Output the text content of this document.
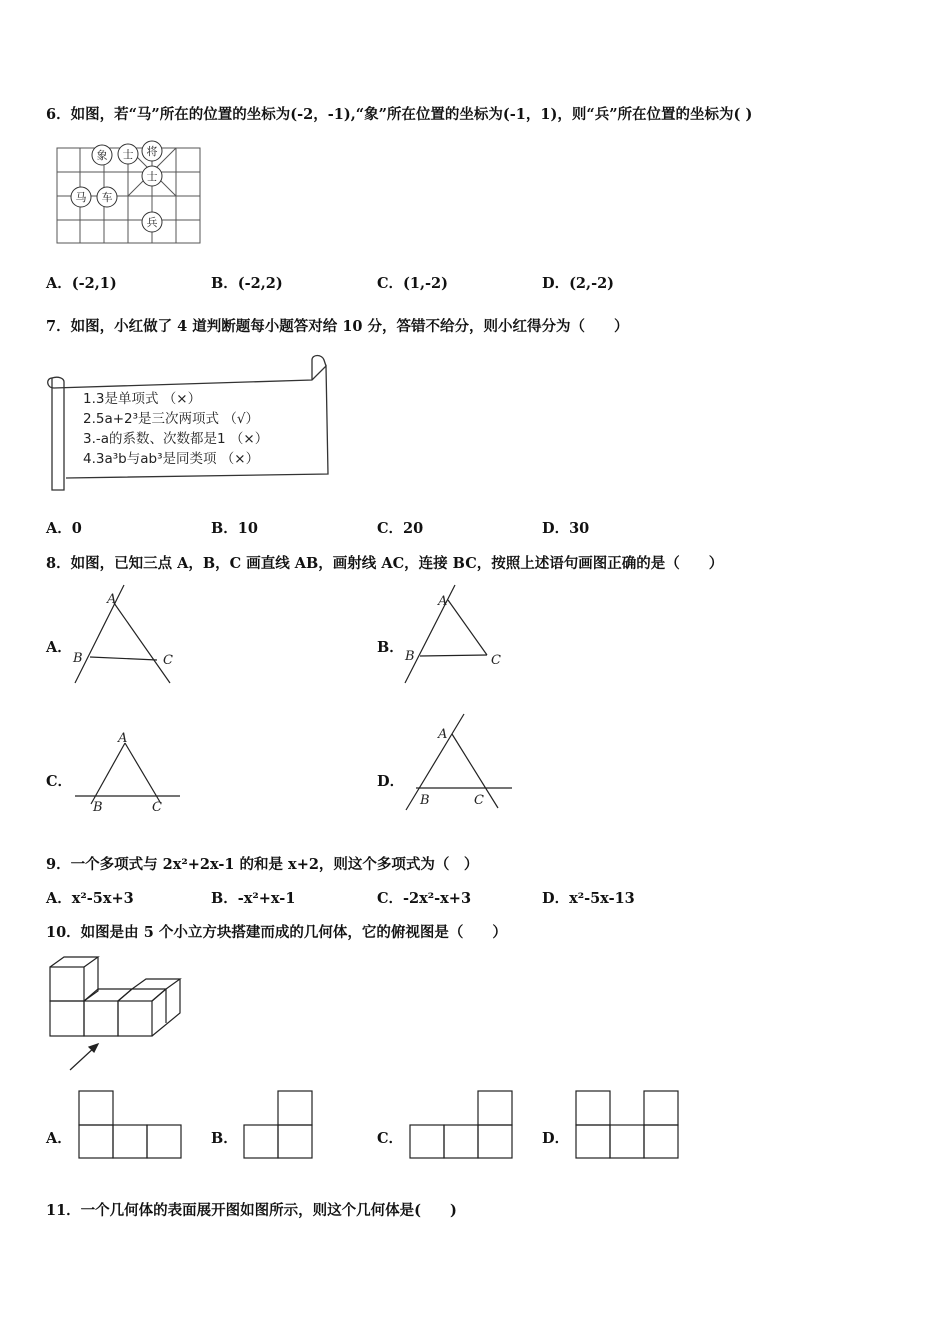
6．如图，若“马”所在的位置的坐标为(-2，-1),“象”所在位置的坐标为(-1，1)，则“兵”所在位置的坐标为( )
象 士 将
士
马 车
兵
A．(-2,1)	B．(-2,2)	C．(1,-2)	D．(2,-2)
7．如图，小红做了 4 道判断题每小题答对给 10 分，答错不给分，则小红得分为（　　）
1.3是单项式 （×）
2.5a+2³是三次两项式 （√）
3.-a的系数、次数都是1 （×）
4.3a³b与ab³是同类项 （×）
A．0	B．10	C．20	D．30
8．如图，已知三点 A，B，C 画直线 AB，画射线 AC，连接 BC，按照上述语句画图正确的是（　　）
A．
A
B	C
B．
A
B	C
C．
A
B	C
D．
A
B	C
9．一个多项式与 2x²+2x-1 的和是 x+2，则这个多项式为（　）
A．x²-5x+3	B．-x²+x-1	C．-2x²-x+3	D．x²-5x-13
10．如图是由 5 个小立方块搭建而成的几何体，它的俯视图是（　　）
A．	B．	C．	D．
11．一个几何体的表面展开图如图所示，则这个几何体是(　　)
